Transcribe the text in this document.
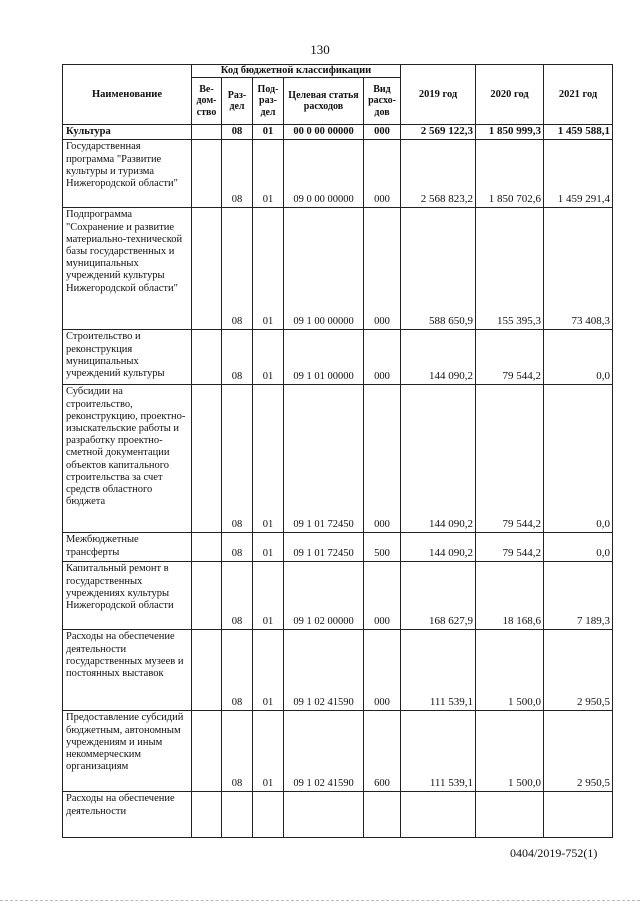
130
Наименование	Код бюджетной классификации					2019 год	2020 год	2021 год
	Ве-дом-ство	Раз-дел	Под-раз-дел	Целевая статья расходов	Вид расхо-дов			
Культура		08	01	00 0 00 00000	000	2 569 122,3	1 850 999,3	1 459 588,1
Государственная программа "Развитие культуры и туризма Нижегородской области"		08	01	09 0 00 00000	000	2 568 823,2	1 850 702,6	1 459 291,4
Подпрограмма "Сохранение и развитие материально-технической базы государственных и муниципальных учреждений культуры Нижегородской области"		08	01	09 1 00 00000	000	588 650,9	155 395,3	73 408,3
Строительство и реконструкция муниципальных учреждений культуры		08	01	09 1 01 00000	000	144 090,2	79 544,2	0,0
Субсидии на строительство, реконструкцию, проектно-изыскательские работы и разработку проектно-сметной документации объектов капитального строительства за счет средств областного бюджета		08	01	09 1 01 72450	000	144 090,2	79 544,2	0,0
Межбюджетные трансферты		08	01	09 1 01 72450	500	144 090,2	79 544,2	0,0
Капитальный ремонт в государственных учреждениях культуры Нижегородской области		08	01	09 1 02 00000	000	168 627,9	18 168,6	7 189,3
Расходы на обеспечение деятельности государственных музеев и постоянных выставок		08	01	09 1 02 41590	000	111 539,1	1 500,0	2 950,5
Предоставление субсидий бюджетным, автономным учреждениям и иным некоммерческим организациям		08	01	09 1 02 41590	600	111 539,1	1 500,0	2 950,5
Расходы на обеспечение деятельности								
0404/2019-752(1)
